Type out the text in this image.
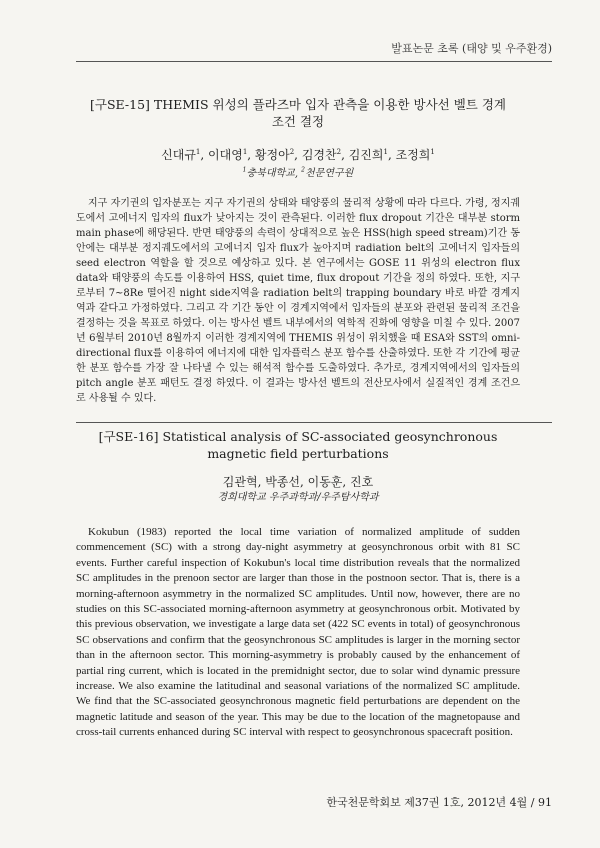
발표논문 초록 (태양 및 우주환경)
[구SE-15] THEMIS 위성의 플라즈마 입자 관측을 이용한 방사선 벨트 경계
조건 결정
신대규$^1$, 이대영$^1$, 황정아$^2$, 김경찬$^2$, 김진희$^1$, 조정희$^1$
$^1$충북대학교, $^2$천문연구원

지구 자기권의 입자분포는 지구 자기권의 상태와 태양풍의 물리적 상황에 따라 다르다. 가령, 정지궤도에서 고에너지 입자의 flux가 낮아지는 것이 관측된다. 이러한 flux dropout 기간은 대부분 storm main phase에 해당된다. 반면 태양풍의 속력이 상대적으로 높은 HSS(high speed stream)기간 동안에는 대부분 정지궤도에서의 고에너지 입자 flux가 높아지며 radiation belt의 고에너지 입자들의 seed electron 역할을 할 것으로 예상하고 있다. 본 연구에서는 GOSE 11 위성의 electron flux data와 태양풍의 속도를 이용하여 HSS, quiet time, flux dropout 기간을 정의 하였다. 또한, 지구로부터 7~8Re 떨어진 night side지역을 radiation belt의 trapping boundary 바로 바깥 경계지역과 같다고 가정하였다. 그리고 각 기간 동안 이 경계지역에서 입자들의 분포와 관련된 물리적 조건을 결정하는 것을 목표로 하였다. 이는 방사선 벨트 내부에서의 역학적 진화에 영향을 미칠 수 있다. 2007년 6월부터 2010년 8월까지 이러한 경계지역에 THEMIS 위성이 위치했을 때 ESA와 SST의 omni-directional flux를 이용하여 에너지에 대한 입자플럭스 분포 함수를 산출하였다. 또한 각 기간에 평균한 분포 함수를 가장 잘 나타낼 수 있는 해석적 함수를 도출하였다. 추가로, 경계지역에서의 입자들의 pitch angle 분포 패턴도 결정 하였다. 이 결과는 방사선 벨트의 전산모사에서 실질적인 경계 조건으로 사용될 수 있다.

[구SE-16] Statistical analysis of SC-associated geosynchronous
magnetic field perturbations
김관혁, 박종선, 이동훈, 진호
경희대학교 우주과학과/우주탐사학과

Kokubun (1983) reported the local time variation of normalized amplitude of sudden commencement (SC) with a strong day-night asymmetry at geosynchronous orbit with 81 SC events. Further careful inspection of Kokubun's local time distribution reveals that the normalized SC amplitudes in the prenoon sector are larger than those in the postnoon sector. That is, there is a morning-afternoon asymmetry in the normalized SC amplitudes. Until now, however, there are no studies on this SC-associated morning-afternoon asymmetry at geosynchronous orbit. Motivated by this previous observation, we investigate a large data set (422 SC events in total) of geosynchronous SC observations and confirm that the geosynchronous SC amplitudes is larger in the morning sector than in the afternoon sector. This morning-asymmetry is probably caused by the enhancement of partial ring current, which is located in the premidnight sector, due to solar wind dynamic pressure increase. We also examine the latitudinal and seasonal variations of the normalized SC amplitude. We find that the SC-associated geosynchronous magnetic field perturbations are dependent on the magnetic latitude and season of the year. This may be due to the location of the magnetopause and cross-tail currents enhanced during SC interval with respect to geosynchronous spacecraft position.

한국천문학회보 제37권 1호, 2012년 4월 / 91
